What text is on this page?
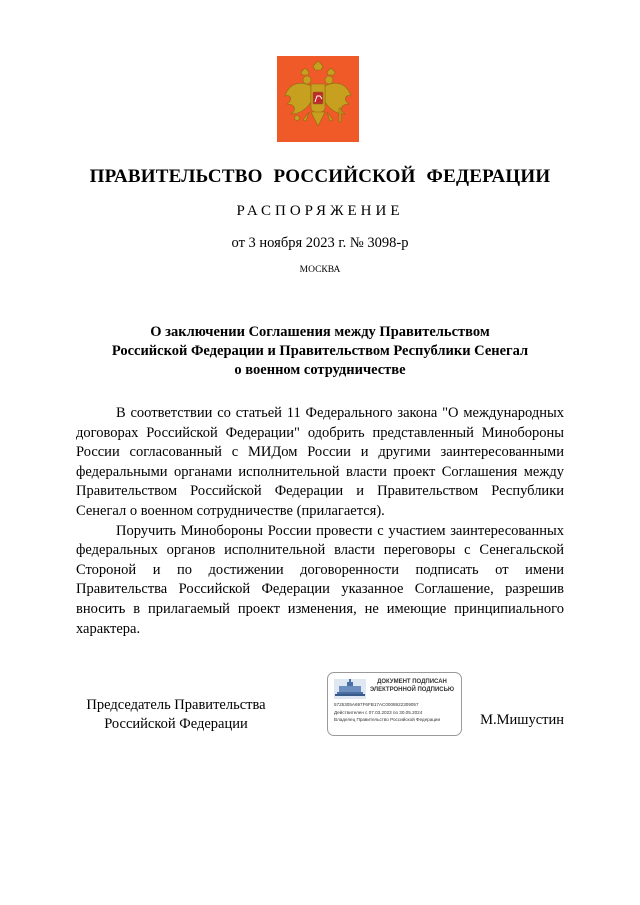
ПРАВИТЕЛЬСТВО РОССИЙСКОЙ ФЕДЕРАЦИИ
РАСПОРЯЖЕНИЕ
от 3 ноября 2023 г. № 3098-р
МОСКВА
О заключении Соглашения между Правительством
Российской Федерации и Правительством Республики Сенегал
о военном сотрудничестве

В соответствии со статьей 11 Федерального закона "О международных договорах Российской Федерации" одобрить представленный Минобороны России согласованный с МИДом России и другими заинтересованными федеральными органами исполнительной власти проект Соглашения между Правительством Российской Федерации и Правительством Республики Сенегал о военном сотрудничестве (прилагается).

Поручить Минобороны России провести с участием заинтересованных федеральных органов исполнительной власти переговоры с Сенегальской Стороной и по достижении договоренности подписать от имени Правительства Российской Федерации указанное Соглашение, разрешив вносить в прилагаемый проект изменения, не имеющие принципиального характера.

Председатель Правительства
Российской Федерации
ДОКУМЕНТ ПОДПИСАН
ЭЛЕКТРОННОЙ ПОДПИСЬЮ
5725305A697F6FB17AC0008922309057
Действителен с 07.03.2023 по 30.05.2024
Владелец Правительство Российской Федерации	М.Мишустин
